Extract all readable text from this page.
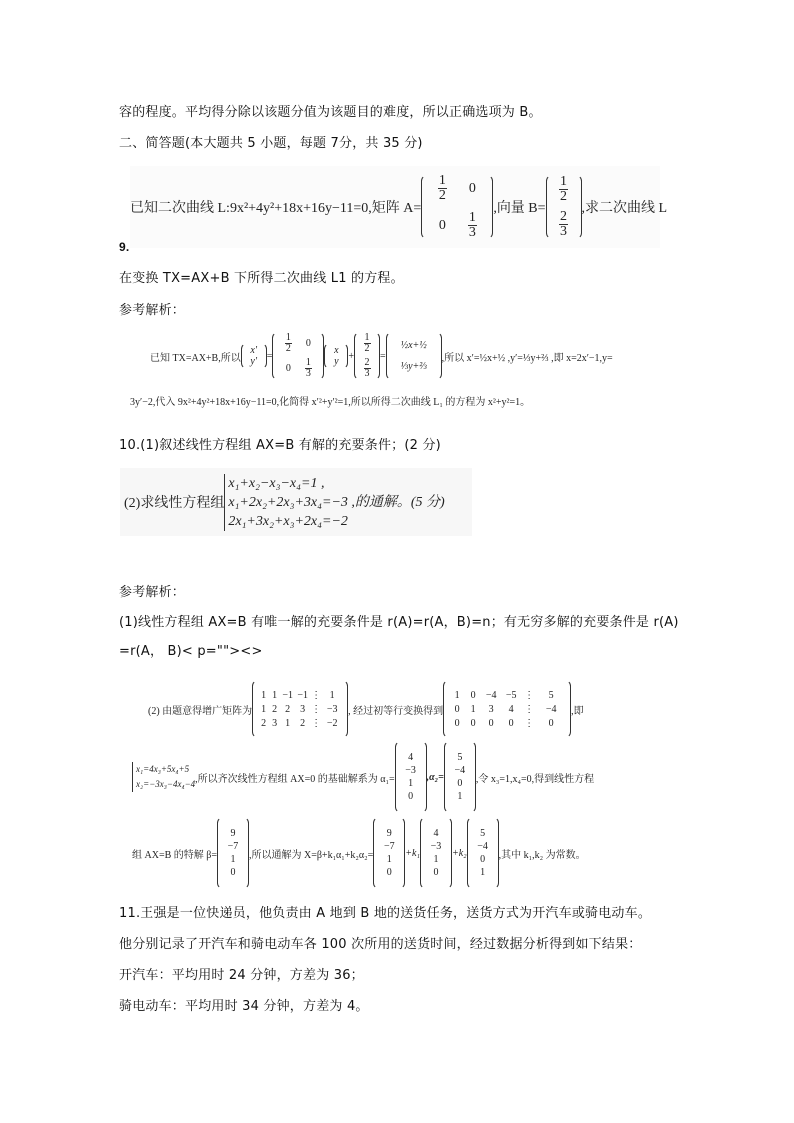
容的程度。平均得分除以该题分值为该题目的难度，所以正确选项为 B。
二、简答题(本大题共 5 小题，每题 7分，共 35 分)
已知二次曲线 L:9x²+4y²+18x+16y−11=0,矩阵 A=
$\frac{1}{2} 0$
$0 \frac{1}{3}$
,向量 B=
$\frac{1}{2}$
$\frac{2}{3}$
,求二次曲线 L
9.
在变换 TX=AX+B 下所得二次曲线 L1 的方程。
参考解析：
已知 TX=AX+B,所以
x′
y′ =
$\frac{1}{2} 0$
$0 \frac{1}{3}$
x
y +
$\frac{1}{2}$
$\frac{2}{3}$
=
½x+½
⅓y+⅔
,所以 x′=½x+½ ,y′=⅓y+⅔ ,即 x=2x′−1,y=
3y′−2,代入 9x²+4y²+18x+16y−11=0,化简得 x′²+y′²=1,所以所得二次曲线 L₁ 的方程为 x²+y²=1。
10.(1)叙述线性方程组 AX=B 有解的充要条件；(2 分)
(2)求线性方程组
x₁+x₂−x₃−x₄=1 ,
x₁+2x₂+2x₃+3x₄=−3 ,的通解。(5 分)
2x₁+3x₂+x₃+2x₄=−2
参考解析：
(1)线性方程组 AX=B 有唯一解的充要条件是 r(A)=r(A，B)=n；有无穷多解的充要条件是 r(A)
=r(A， B)< p=""><>
(2) 由题意得增广矩阵为
1 1 −1 −1 ⋮ 1
1 2 2	3 ⋮ −3
2 3 1	2 ⋮ −2
, 经过初等行变换得到
1	0	−4 −5 ⋮	5
0	1	3	4	⋮	−4
0	0	0	0	⋮	0
,即
x₁=4x₃+5x₄+5
x₂=−3x₃−4x₄−4 ,所以齐次线性方程组 AX=0 的基础解系为 α₁=
4
−3
1
0
,α₂=
5
−4
0
1
,令 x₃=1,x₄=0,得到线性方程
组 AX=B 的特解 β=
9
−7
1
0
,所以通解为 X=β+k₁α₁+k₂α₂=
9
−7
1
0
+k₁
4
−3
1
0
+k₂
5
−4
0
1
,其中 k₁,k₂ 为常数。
11.王强是一位快递员，他负责由 A 地到 B 地的送货任务，送货方式为开汽车或骑电动车。
他分别记录了开汽车和骑电动车各 100 次所用的送货时间，经过数据分析得到如下结果：
开汽车：平均用时 24 分钟，方差为 36；
骑电动车：平均用时 34 分钟，方差为 4。
